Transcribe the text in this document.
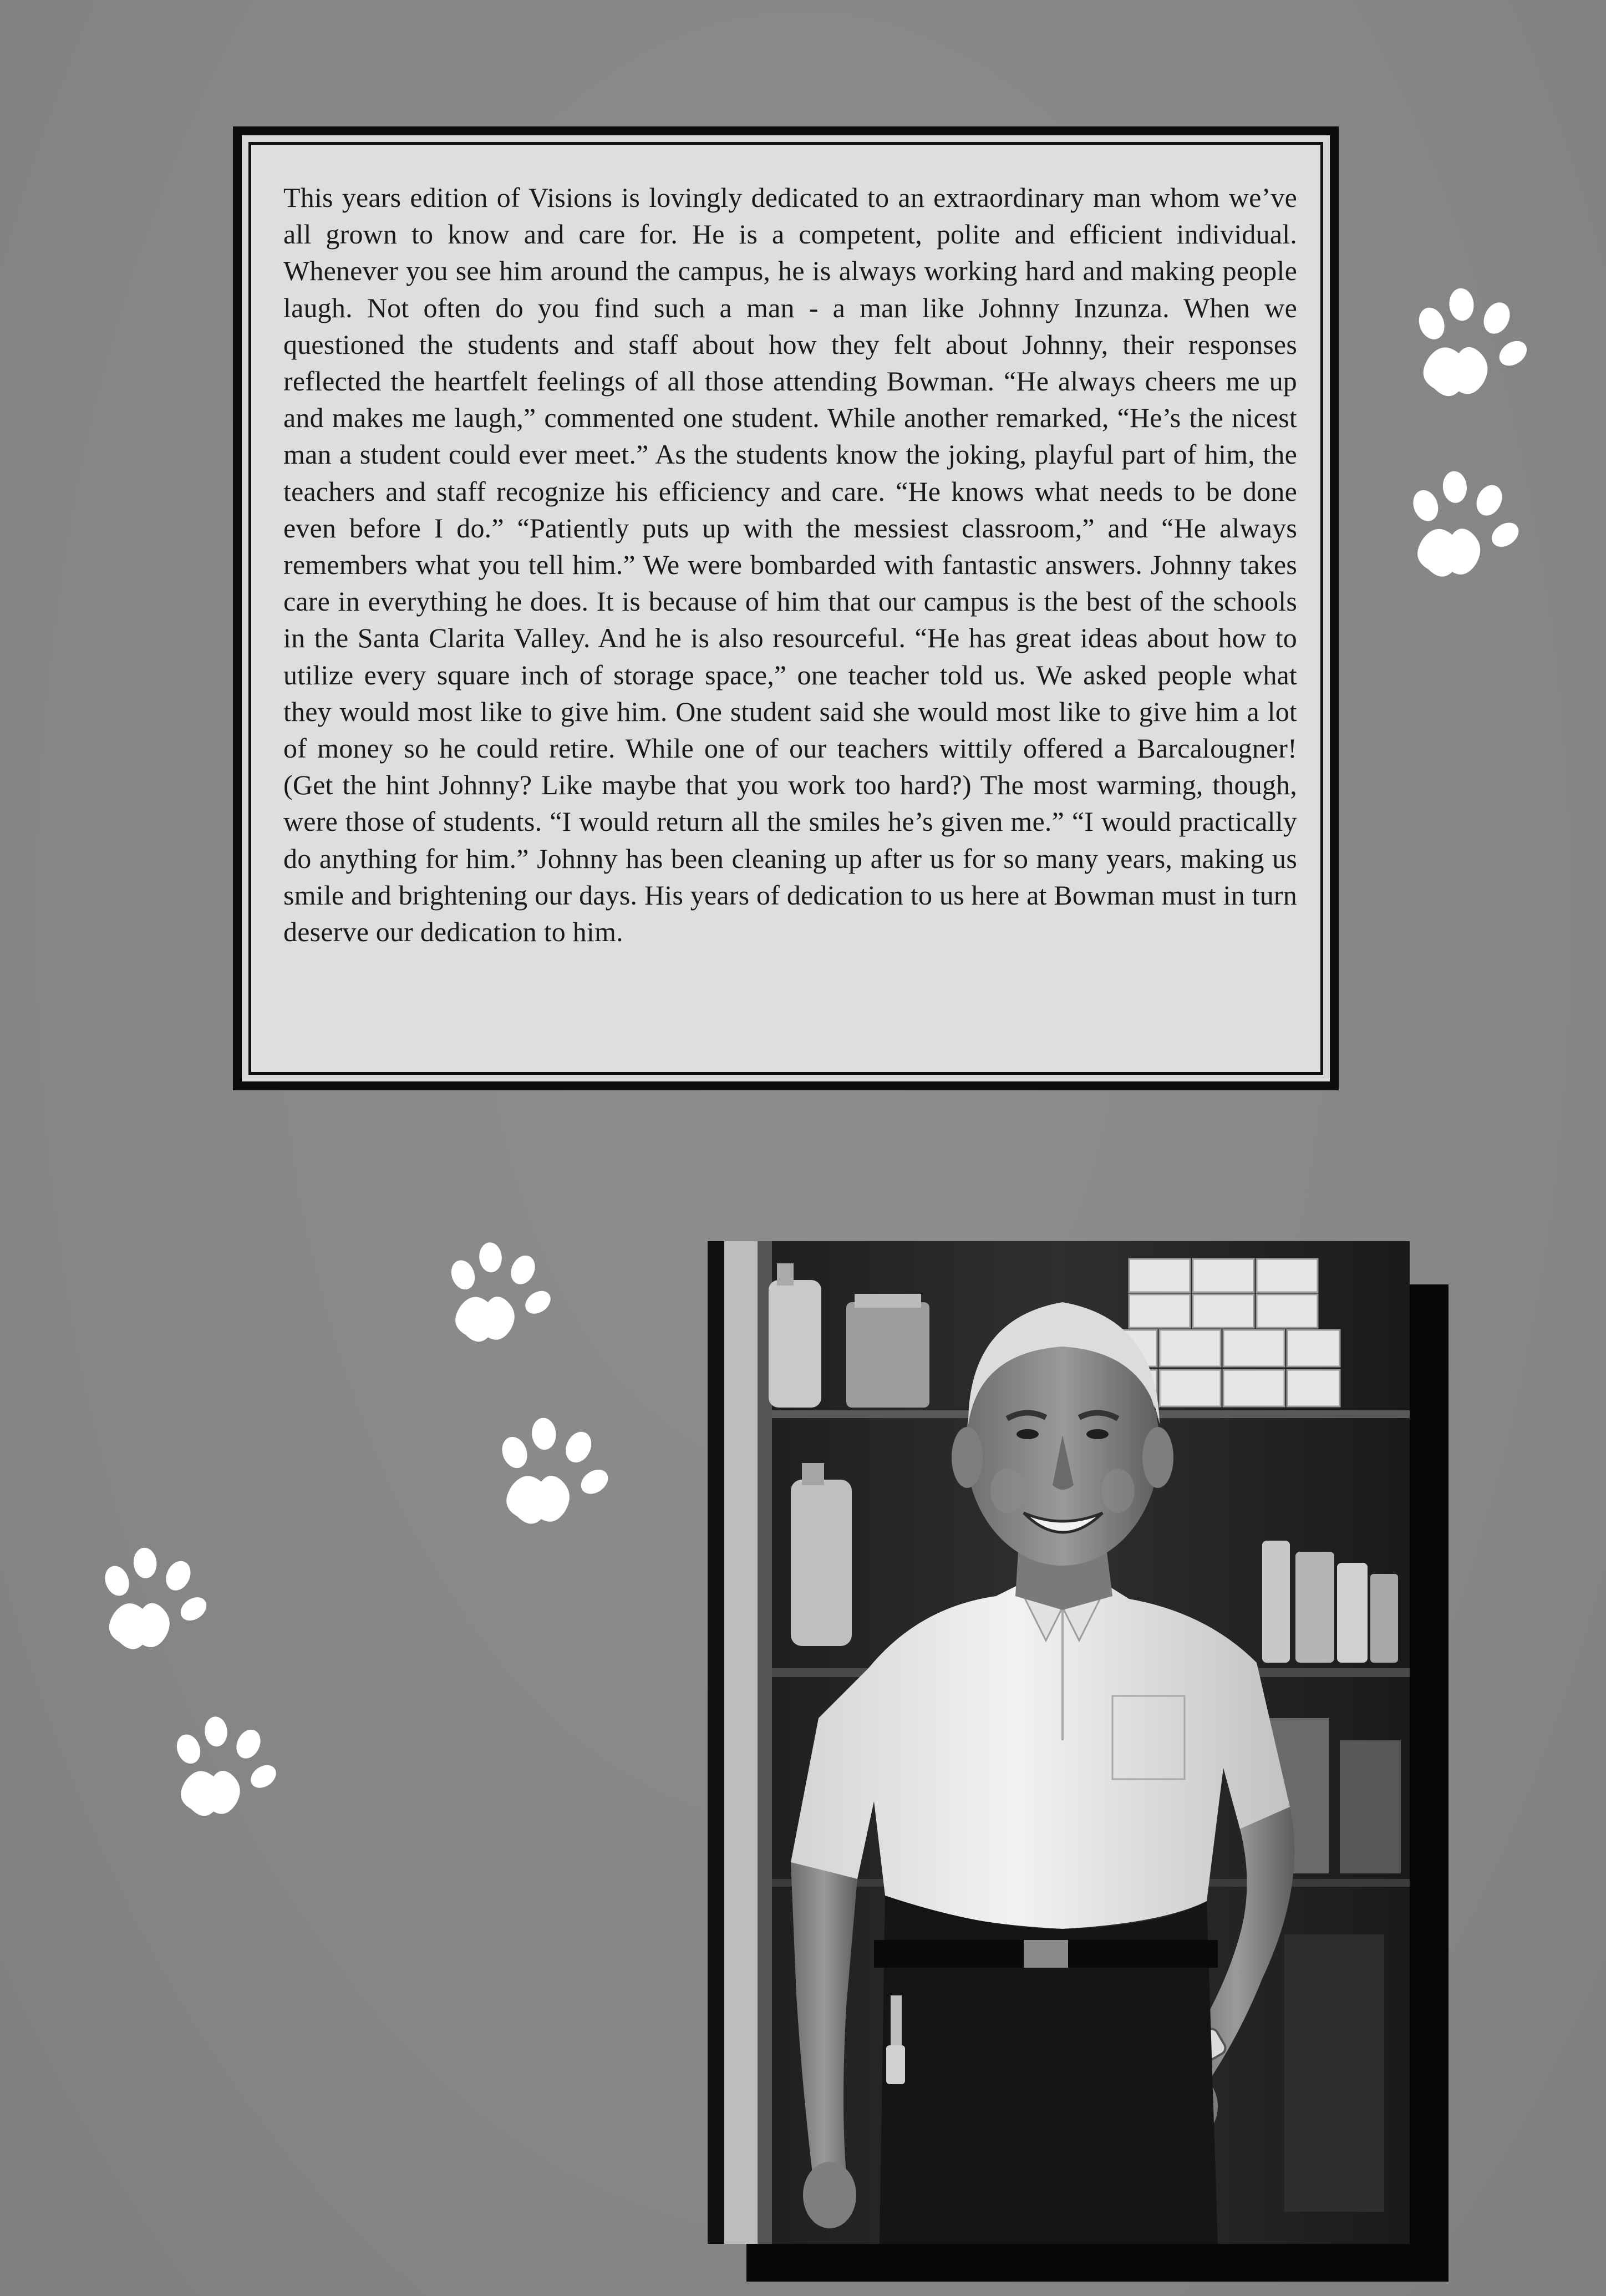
This years edition of Visions is lovingly dedicated to an extraordinary man whom we’ve all grown to know and care for. He is a competent, polite and efficient individual. Whenever you see him around the campus, he is always working hard and making people laugh. Not often do you find such a man - a man like Johnny Inzunza. When we questioned the students and staff about how they felt about Johnny, their responses reflected the heartfelt feelings of all those attending Bowman. “He always cheers me up and makes me laugh,” commented one student. While another remarked, “He’s the nicest man a student could ever meet.” As the students know the joking, playful part of him, the teachers and staff recognize his efficiency and care. “He knows what needs to be done even before I do.” “Patiently puts up with the messiest classroom,” and “He always remembers what you tell him.” We were bombarded with fantastic answers. Johnny takes care in everything he does. It is because of him that our campus is the best of the schools in the Santa Clarita Valley. And he is also resourceful. “He has great ideas about how to utilize every square inch of storage space,” one teacher told us. We asked people what they would most like to give him. One student said she would most like to give him a lot of money so he could retire. While one of our teachers wittily offered a Barcalougner! (Get the hint Johnny? Like maybe that you work too hard?) The most warming, though, were those of students. “I would return all the smiles he’s given me.” “I would practically do anything for him.” Johnny has been cleaning up after us for so many years, making us smile and brightening our days. His years of dedication to us here at Bowman must in turn deserve our dedication to him.
